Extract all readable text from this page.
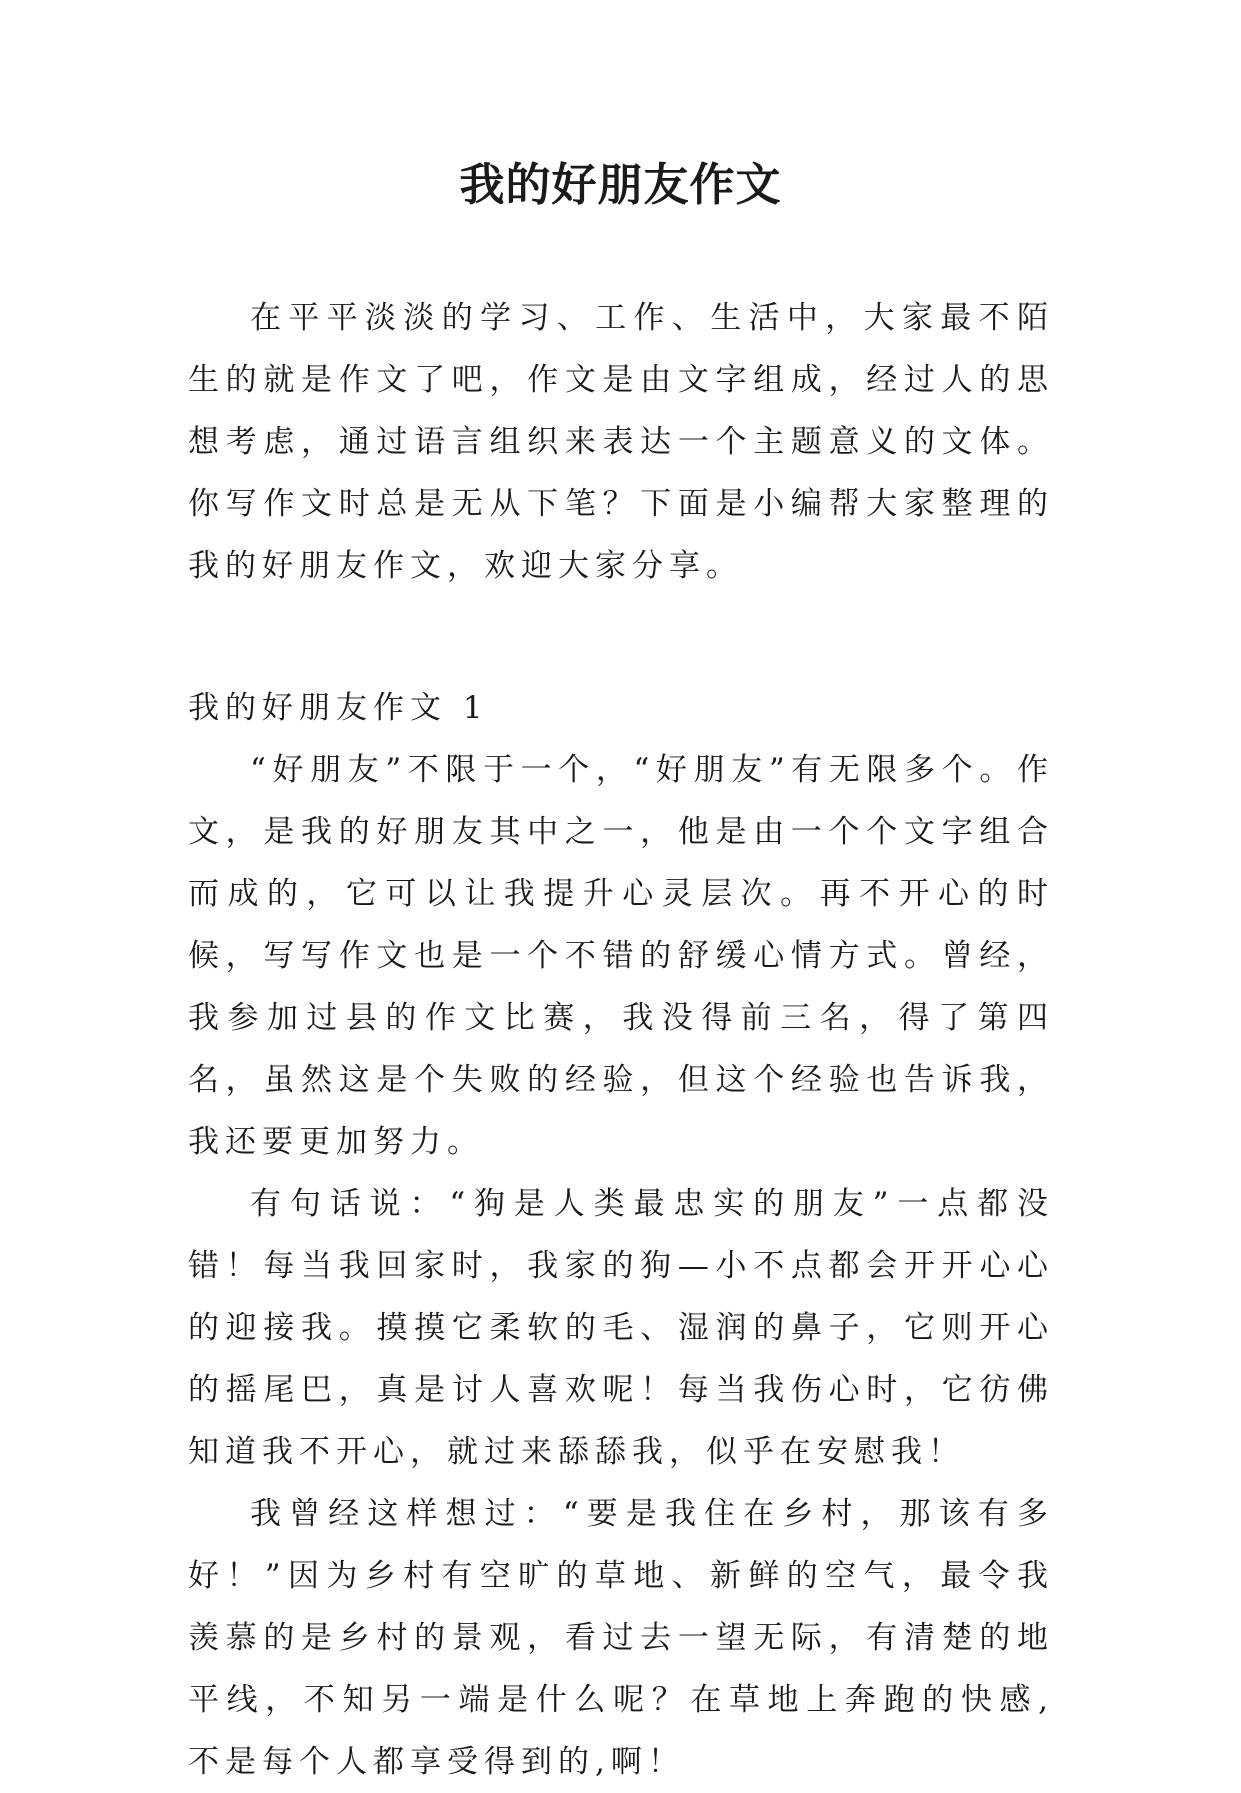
我的好朋友作文

在平平淡淡的学习、工作、生活中，大家最不陌生的就是作文了吧，作文是由文字组成，经过人的思想考虑，通过语言组织来表达一个主题意义的文体。你写作文时总是无从下笔？下面是小编帮大家整理的我的好朋友作文，欢迎大家分享。

我的好朋友作文 1

“好朋友”不限于一个，“好朋友”有无限多个。作文，是我的好朋友其中之一，他是由一个个文字组合而成的，它可以让我提升心灵层次。再不开心的时候，写写作文也是一个不错的舒缓心情方式。曾经，我参加过县的作文比赛，我没得前三名，得了第四名，虽然这是个失败的经验，但这个经验也告诉我，我还要更加努力。

有句话说：“狗是人类最忠实的朋友”一点都没错！每当我回家时，我家的狗—小不点都会开开心心的迎接我。摸摸它柔软的毛、湿润的鼻子，它则开心的摇尾巴，真是讨人喜欢呢！每当我伤心时，它彷佛知道我不开心，就过来舔舔我，似乎在安慰我！

我曾经这样想过：“要是我住在乡村，那该有多好！”因为乡村有空旷的草地、新鲜的空气，最令我羡慕的是乡村的景观，看过去一望无际，有清楚的地平线，不知另一端是什么呢？在草地上奔跑的快感,不是每个人都享受得到的,啊！
